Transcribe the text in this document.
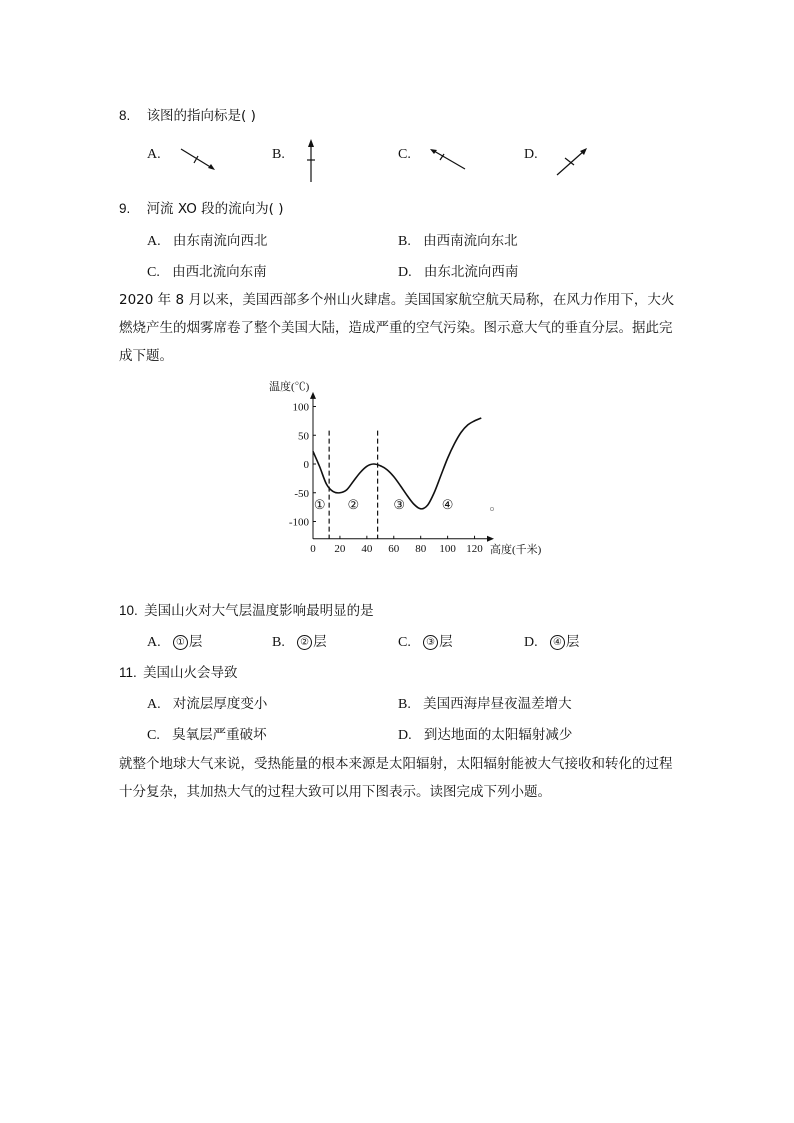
8. 该图的指向标是( )
A.	B.	C.	D.
9. 河流 XO 段的流向为( )
A. 由东南流向西北	B. 由西南流向东北
C. 由西北流向东南	D. 由东北流向西南
2020 年 8 月以来，美国西部多个州山火肆虐。美国国家航空航天局称，在风力作用下，大火燃烧产生的烟雾席卷了整个美国大陆，造成严重的空气污染。图示意大气的垂直分层。据此完成下题。
100
50
0
-50
-100
0 20 40 60 80 100 120
温度(℃)
高度(千米)
① ②	③	④
10. 美国山火对大气层温度影响最明显的是
A. ① 层	B. ② 层	C. ③ 层	D. ④ 层
11. 美国山火会导致
A. 对流层厚度变小	B. 美国西海岸昼夜温差增大
C. 臭氧层严重破坏	D. 到达地面的太阳辐射减少
就整个地球大气来说，受热能量的根本来源是太阳辐射，太阳辐射能被大气接收和转化的过程十分复杂，其加热大气的过程大致可以用下图表示。读图完成下列小题。
